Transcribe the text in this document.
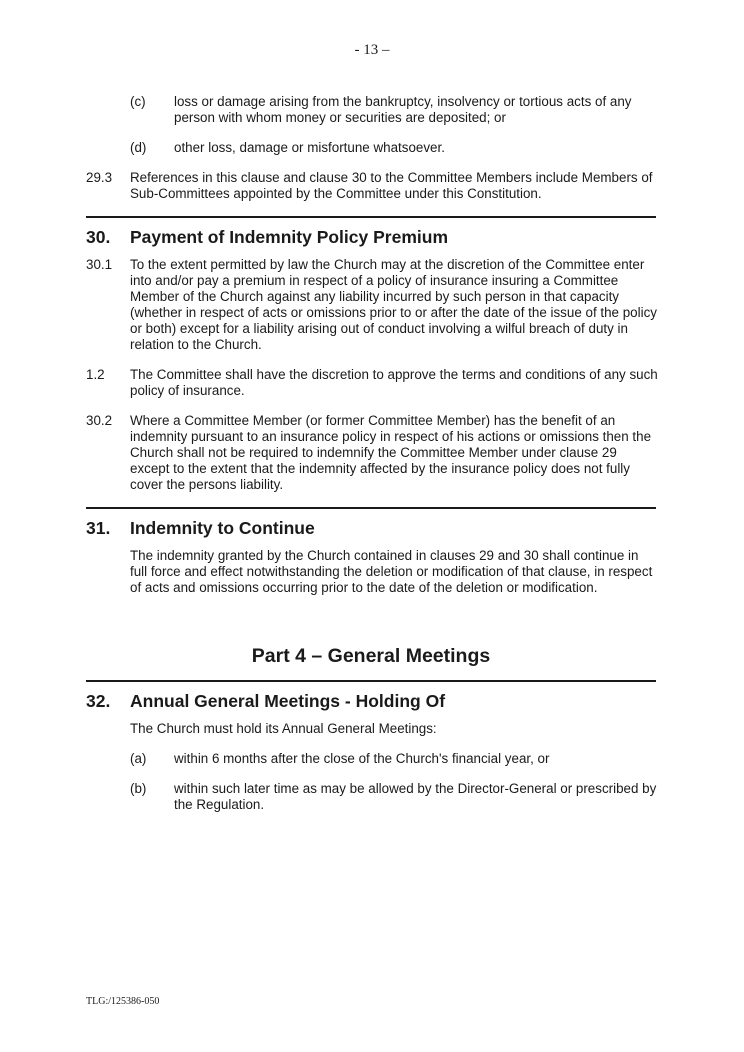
- 13 –
(c)	loss or damage arising from the bankruptcy, insolvency or tortious acts of any person with whom money or securities are deposited; or
(d)	other loss, damage or misfortune whatsoever.
29.3	References in this clause and clause 30 to the Committee Members include Members of Sub-Committees appointed by the Committee under this Constitution.
30.	Payment of Indemnity Policy Premium
30.1	To the extent permitted by law the Church may at the discretion of the Committee enter into and/or pay a premium in respect of a policy of insurance insuring a Committee Member of the Church against any liability incurred by such person in that capacity (whether in respect of acts or omissions prior to or after the date of the issue of the policy or both) except for a liability arising out of conduct involving a wilful breach of duty in relation to the Church.
1.2	The Committee shall have the discretion to approve the terms and conditions of any such policy of insurance.
30.2	Where a Committee Member (or former Committee Member) has the benefit of an indemnity pursuant to an insurance policy in respect of his actions or omissions then the Church shall not be required to indemnify the Committee Member under clause 29 except to the extent that the indemnity affected by the insurance policy does not fully cover the persons liability.
31.	Indemnity to Continue
The indemnity granted by the Church contained in clauses 29 and 30 shall continue in full force and effect notwithstanding the deletion or modification of that clause, in respect of acts and omissions occurring prior to the date of the deletion or modification.
Part 4 – General Meetings
32.	Annual General Meetings - Holding Of
The Church must hold its Annual General Meetings:
(a)	within 6 months after the close of the Church's financial year, or
(b)	within such later time as may be allowed by the Director-General or prescribed by the Regulation.
TLG:/125386-050
